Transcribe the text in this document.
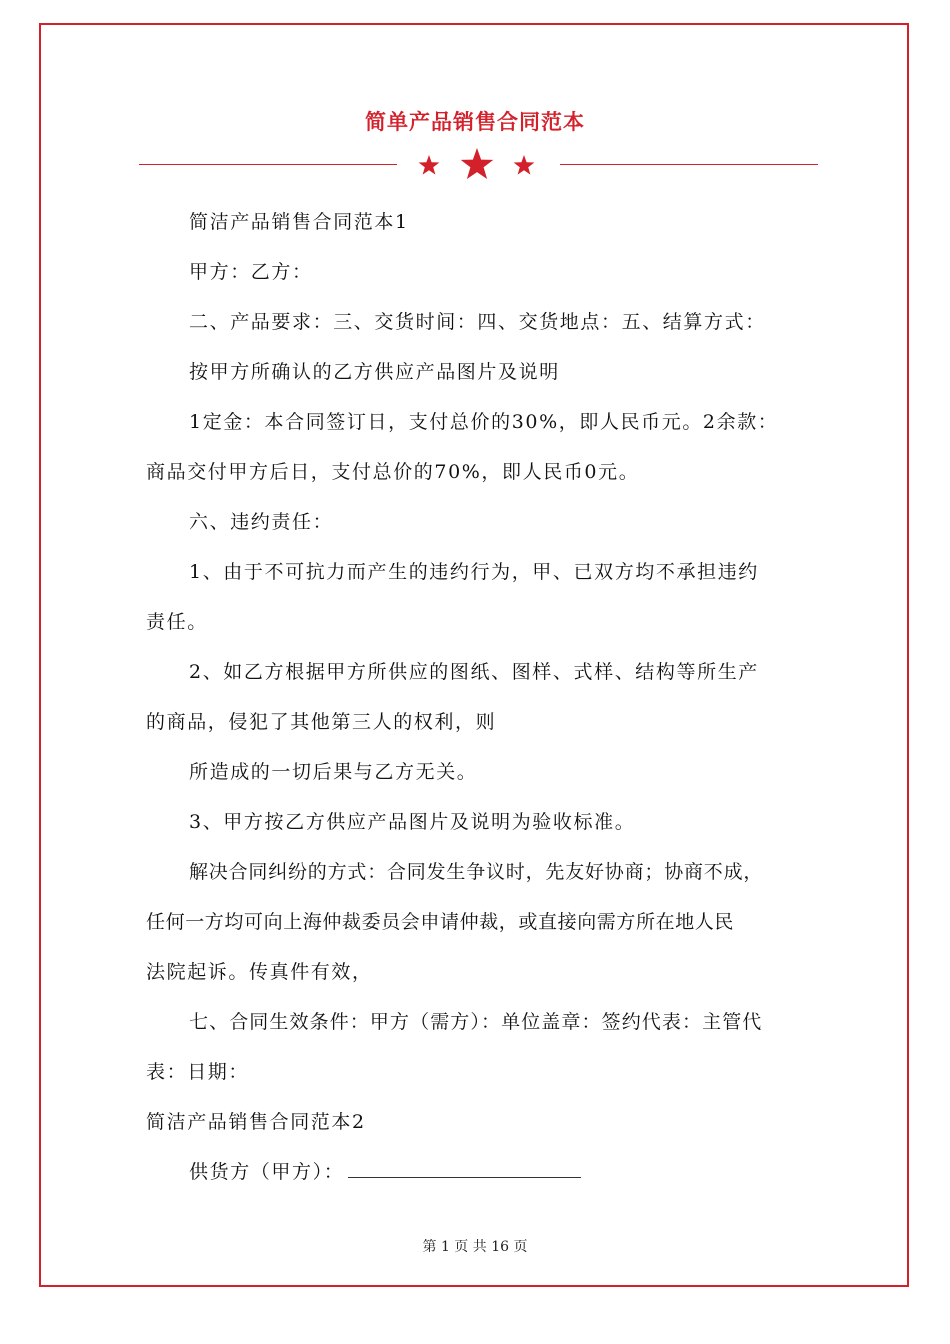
简单产品销售合同范本
简洁产品销售合同范本1
甲方：乙方：
二、产品要求：三、交货时间：四、交货地点：五、结算方式：
按甲方所确认的乙方供应产品图片及说明
1定金：本合同签订日，支付总价的30%，即人民币元。2余款：
商品交付甲方后日，支付总价的70%，即人民币0元。
六、违约责任：
1、由于不可抗力而产生的违约行为，甲、已双方均不承担违约
责任。
2、如乙方根据甲方所供应的图纸、图样、式样、结构等所生产
的商品，侵犯了其他第三人的权利，则
所造成的一切后果与乙方无关。
3、甲方按乙方供应产品图片及说明为验收标准。
解决合同纠纷的方式：合同发生争议时，先友好协商；协商不成，
任何一方均可向上海仲裁委员会申请仲裁，或直接向需方所在地人民
法院起诉。传真件有效，
七、合同生效条件：甲方（需方）：单位盖章：签约代表：主管代
表：日期：
简洁产品销售合同范本2
供货方（甲方）：
第 1 页 共 16 页
